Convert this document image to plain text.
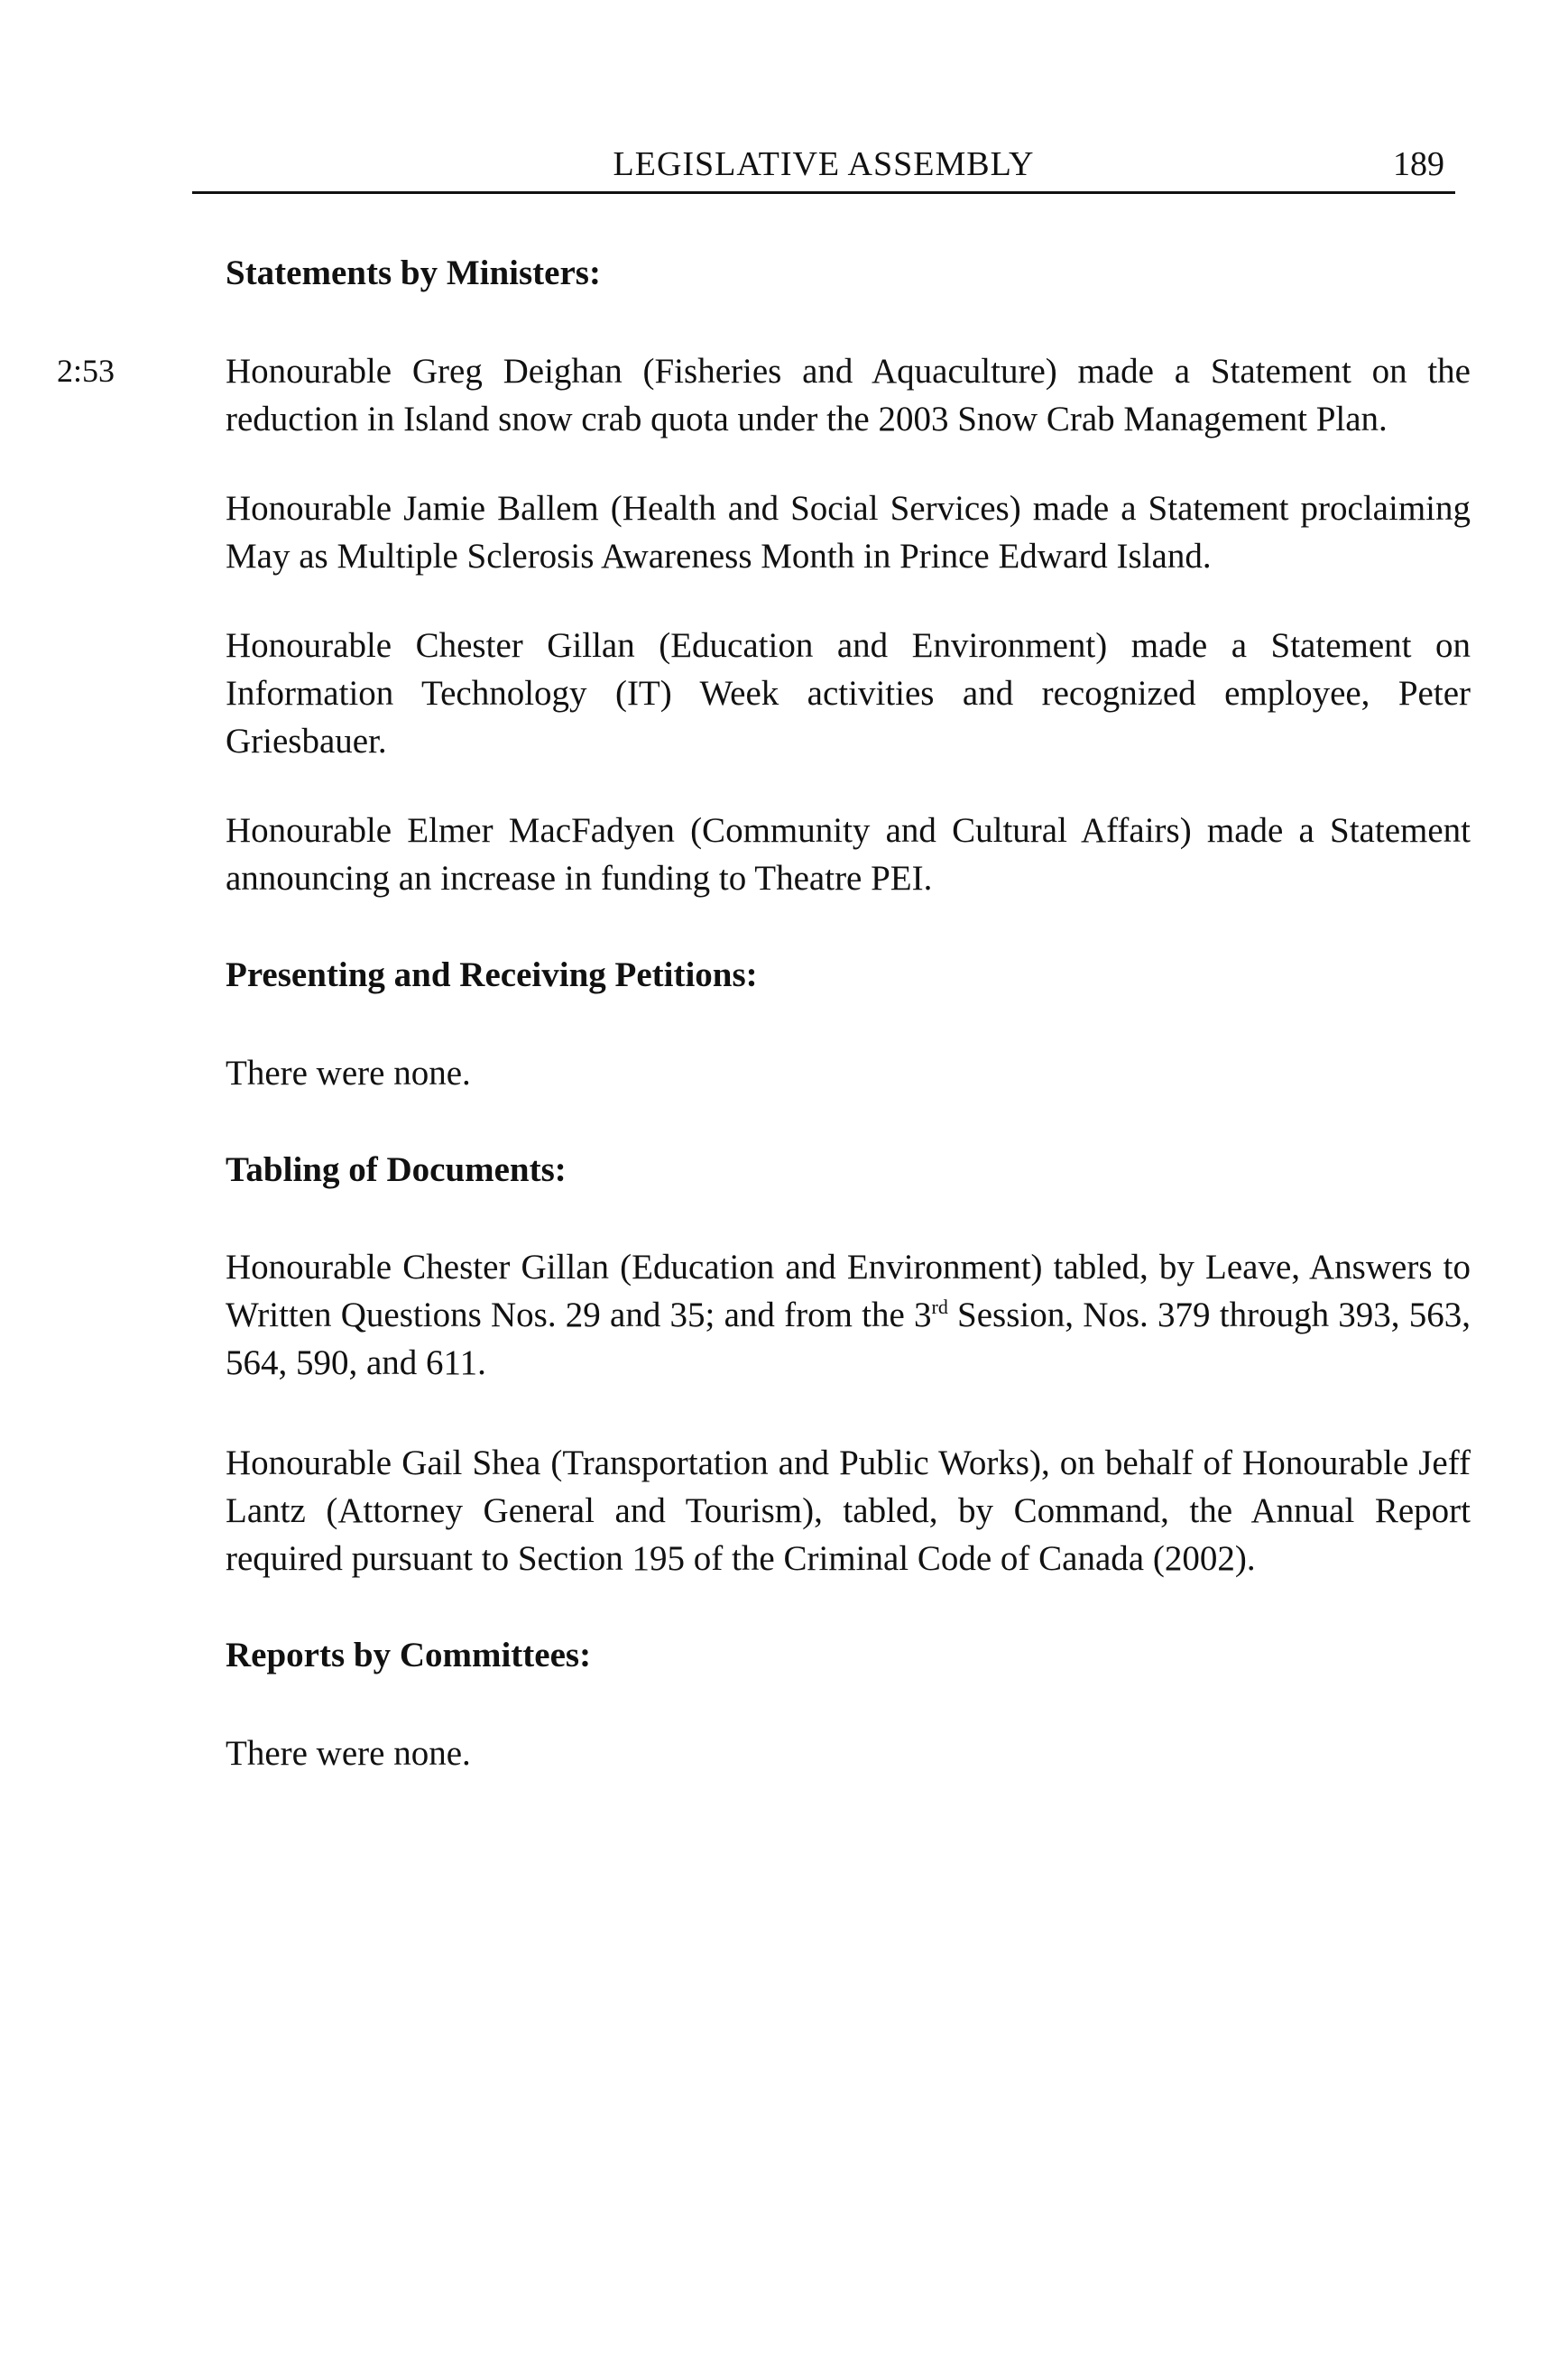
LEGISLATIVE ASSEMBLY	189
Statements by Ministers:

2:53	Honourable Greg Deighan (Fisheries and Aquaculture) made a Statement on the reduction in Island snow crab quota under the 2003 Snow Crab Management Plan.

Honourable Jamie Ballem (Health and Social Services) made a Statement proclaiming May as Multiple Sclerosis Awareness Month in Prince Edward Island.

Honourable Chester Gillan (Education and Environment) made a Statement on Information Technology (IT) Week activities and recognized employee, Peter Griesbauer.

Honourable Elmer MacFadyen (Community and Cultural Affairs) made a Statement announcing an increase in funding to Theatre PEI.

Presenting and Receiving Petitions:

There were none.

Tabling of Documents:

Honourable Chester Gillan (Education and Environment) tabled, by Leave, Answers to Written Questions Nos. 29 and 35; and from the 3rd Session, Nos. 379 through 393, 563, 564, 590, and 611.

Honourable Gail Shea (Transportation and Public Works), on behalf of Honourable Jeff Lantz (Attorney General and Tourism), tabled, by Command, the Annual Report required pursuant to Section 195 of the Criminal Code of Canada (2002).

Reports by Committees:

There were none.
